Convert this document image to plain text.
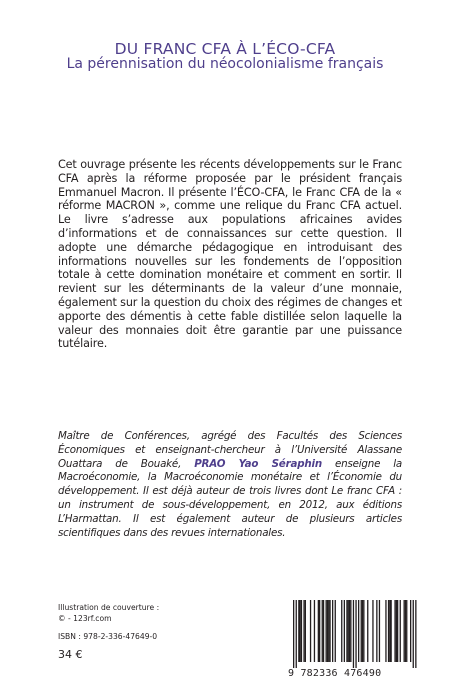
DU FRANC CFA À L’ÉCO-CFA
La pérennisation du néocolonialisme français

Cet ouvrage présente les récents développements sur le Franc CFA après la réforme proposée par le président français Emmanuel Macron. Il présente l’ÉCO-CFA, le Franc CFA de la « réforme MACRON », comme une relique du Franc CFA actuel. Le livre s’adresse aux populations africaines avides d’informations et de connaissances sur cette question. Il adopte une démarche pédagogique en introduisant des informations nouvelles sur les fondements de l’opposition totale à cette domination monétaire et comment en sortir. Il revient sur les déterminants de la valeur d’une monnaie, également sur la question du choix des régimes de changes et apporte des démentis à cette fable distillée selon laquelle la valeur des monnaies doit être garantie par une puissance tutélaire.

Maître de Conférences, agrégé des Facultés des Sciences Économiques et enseignant-chercheur à l’Université Alassane Ouattara de Bouaké, PRAO Yao Séraphin enseigne la Macroéconomie, la Macroéconomie monétaire et l’Économie du développement. Il est déjà auteur de trois livres dont Le franc CFA : un instrument de sous-développement, en 2012, aux éditions L’Harmattan. Il est également auteur de plusieurs articles scientifiques dans des revues internationales.

Illustration de couverture :
© - 123rf.com
ISBN : 978-2-336-47649-0
34 €
9 782336 476490
